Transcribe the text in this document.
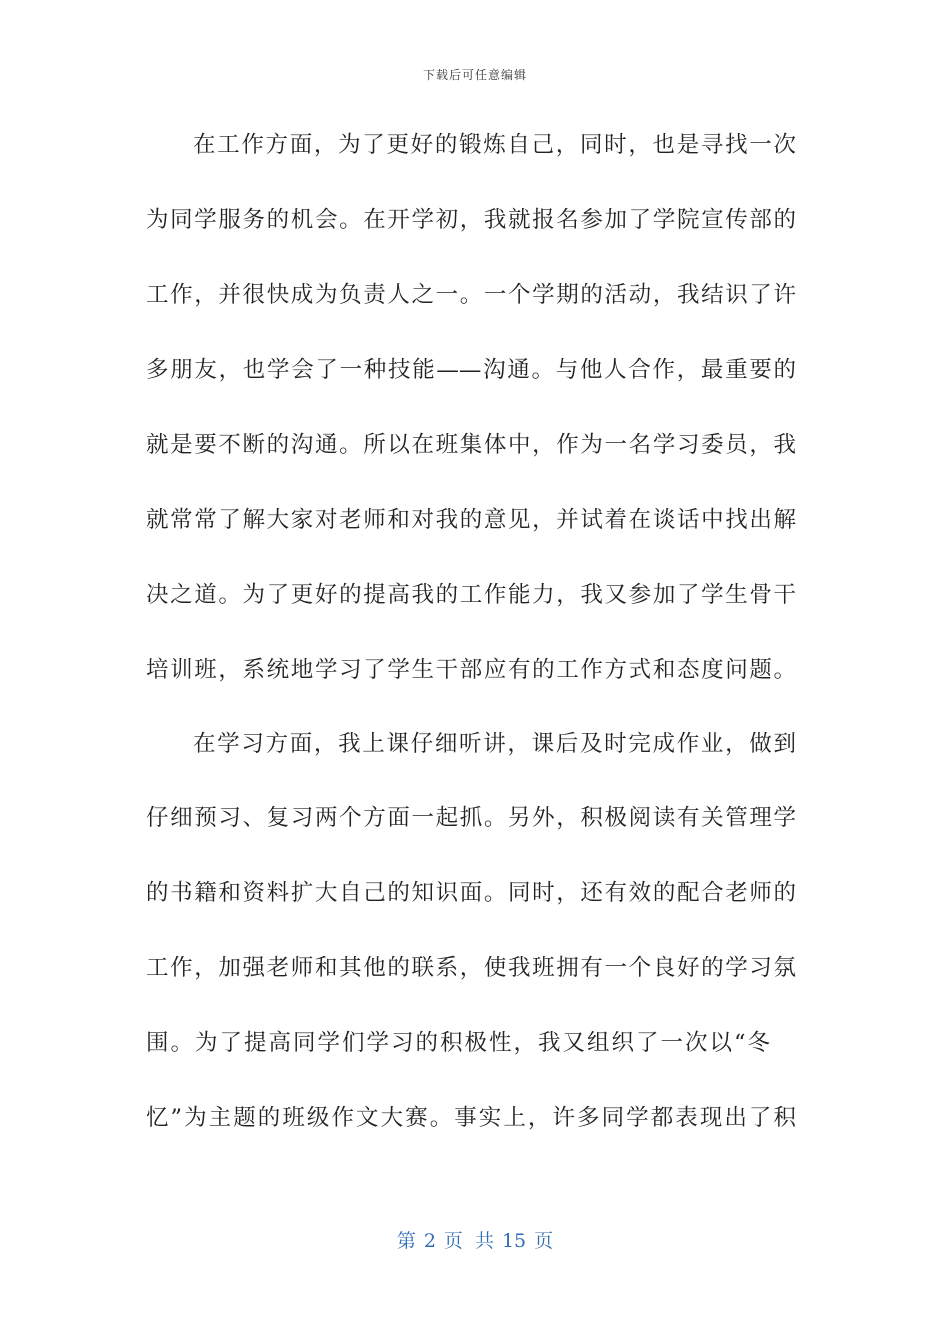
下载后可任意编辑
在工作方面，为了更好的锻炼自己，同时，也是寻找一次
为同学服务的机会。在开学初，我就报名参加了学院宣传部的
工作，并很快成为负责人之一。一个学期的活动，我结识了许
多朋友，也学会了一种技能——沟通。与他人合作，最重要的
就是要不断的沟通。所以在班集体中，作为一名学习委员，我
就常常了解大家对老师和对我的意见，并试着在谈话中找出解
决之道。为了更好的提高我的工作能力，我又参加了学生骨干
培训班，系统地学习了学生干部应有的工作方式和态度问题。
在学习方面，我上课仔细听讲，课后及时完成作业，做到
仔细预习、复习两个方面一起抓。另外，积极阅读有关管理学
的书籍和资料扩大自己的知识面。同时，还有效的配合老师的
工作，加强老师和其他的联系，使我班拥有一个良好的学习氛
围。为了提高同学们学习的积极性，我又组织了一次以“冬
忆”为主题的班级作文大赛。事实上，许多同学都表现出了积
第 2 页 共 15 页
